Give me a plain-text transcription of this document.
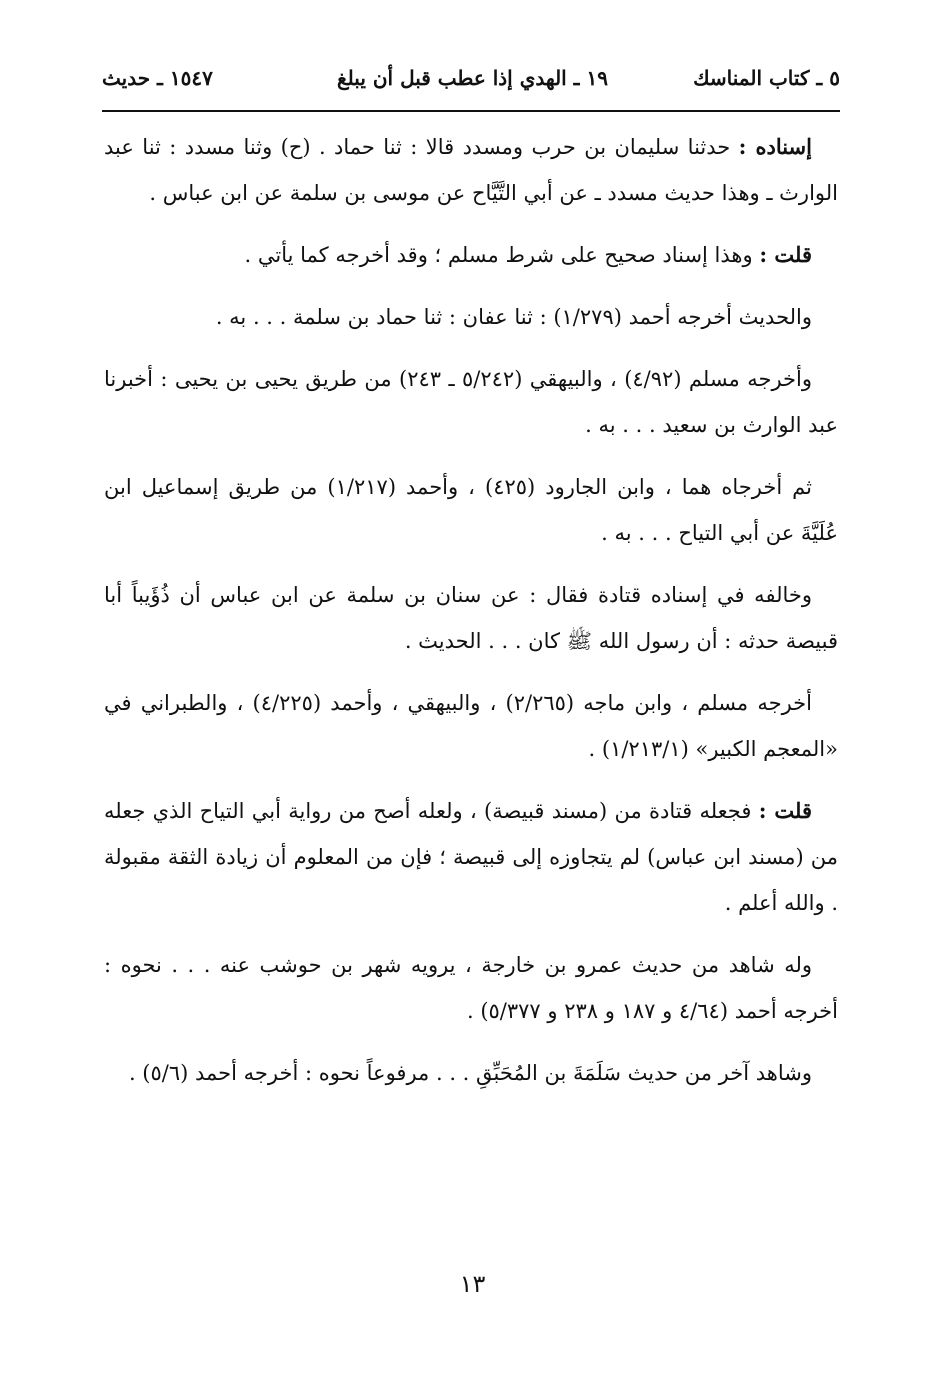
٥ ـ كتاب المناسك
١٩ ـ الهدي إذا عطب قبل أن يبلغ
١٥٤٧ ـ حديث

إسناده : حدثنا سليمان بن حرب ومسدد قالا : ثنا حماد . (ح) وثنا مسدد : ثنا عبد الوارث ـ وهذا حديث مسدد ـ عن أبي التَّيَّاح عن موسى بن سلمة عن ابن عباس .

قلت : وهذا إسناد صحيح على شرط مسلم ؛ وقد أخرجه كما يأتي .

والحديث أخرجه أحمد (١/٢٧٩) : ثنا عفان : ثنا حماد بن سلمة . . . به .

وأخرجه مسلم (٤/٩٢) ، والبيهقي (٥/٢٤٢ ـ ٢٤٣) من طريق يحيى بن يحيى : أخبرنا عبد الوارث بن سعيد . . . به .

ثم أخرجاه هما ، وابن الجارود (٤٢٥) ، وأحمد (١/٢١٧) من طريق إسماعيل ابن عُلَيَّةَ عن أبي التياح . . . به .

وخالفه في إسناده قتادة فقال : عن سنان بن سلمة عن ابن عباس أن ذُؤَيباً أبا قبيصة حدثه : أن رسول الله ﷺ كان . . . الحديث .

أخرجه مسلم ، وابن ماجه (٢/٢٦٥) ، والبيهقي ، وأحمد (٤/٢٢٥) ، والطبراني في «المعجم الكبير» (١/٢١٣/١) .

قلت : فجعله قتادة من (مسند قبيصة) ، ولعله أصح من رواية أبي التياح الذي جعله من (مسند ابن عباس) لم يتجاوزه إلى قبيصة ؛ فإن من المعلوم أن زيادة الثقة مقبولة . والله أعلم .

وله شاهد من حديث عمرو بن خارجة ، يرويه شهر بن حوشب عنه . . . نحوه : أخرجه أحمد (٤/٦٤ و ١٨٧ و ٢٣٨ و ٥/٣٧٧) .

وشاهد آخر من حديث سَلَمَةَ بن المُحَبِّقِ . . . مرفوعاً نحوه : أخرجه أحمد (٥/٦) .

١٣
